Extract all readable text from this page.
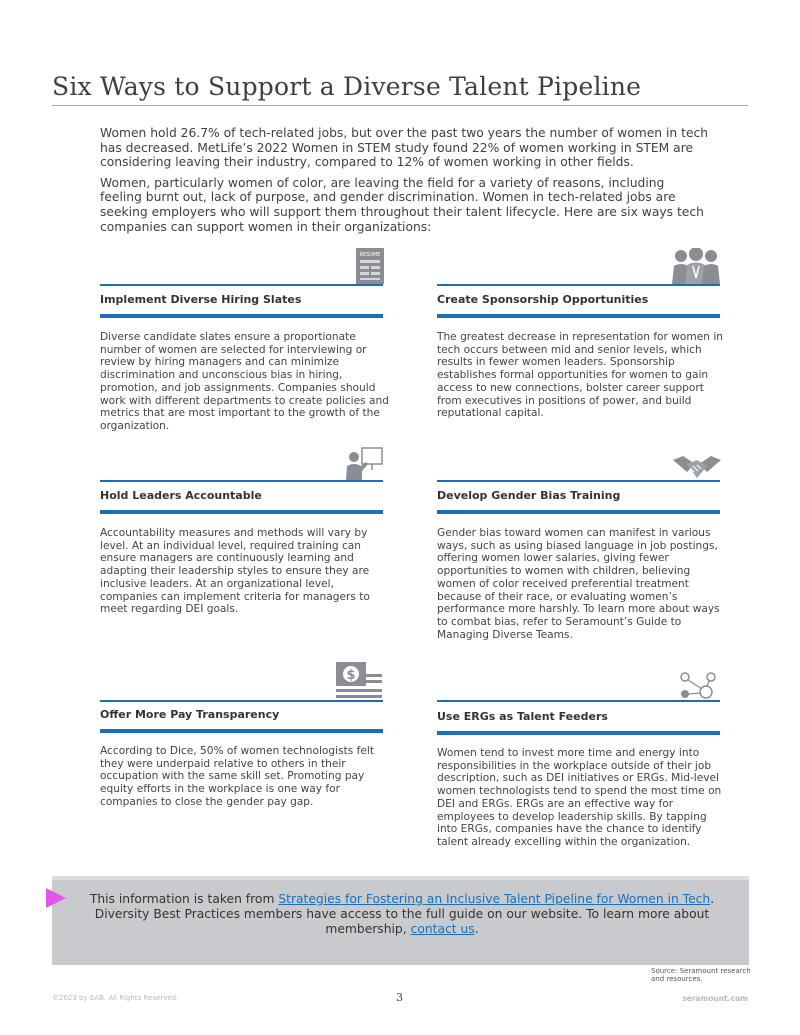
Six Ways to Support a Diverse Talent Pipeline

Women hold 26.7% of tech-related jobs, but over the past two years the number of women in tech has decreased. MetLife’s 2022 Women in STEM study found 22% of women working in STEM are considering leaving their industry, compared to 12% of women working in other fields.

Women, particularly women of color, are leaving the field for a variety of reasons, including feeling burnt out, lack of purpose, and gender discrimination. Women in tech-related jobs are seeking employers who will support them throughout their talent lifecycle. Here are six ways tech companies can support women in their organizations:

RESUME
Implement Diverse Hiring Slates
Diverse candidate slates ensure a proportionate number of women are selected for interviewing or review by hiring managers and can minimize discrimination and unconscious bias in hiring, promotion, and job assignments. Companies should work with different departments to create policies and metrics that are most important to the growth of the organization.
Create Sponsorship Opportunities
The greatest decrease in representation for women in tech occurs between mid and senior levels, which results in fewer women leaders. Sponsorship establishes formal opportunities for women to gain access to new connections, bolster career support from executives in positions of power, and build reputational capital.
Hold Leaders Accountable
Accountability measures and methods will vary by level. At an individual level, required training can ensure managers are continuously learning and adapting their leadership styles to ensure they are inclusive leaders. At an organizational level, companies can implement criteria for managers to meet regarding DEI goals.
Develop Gender Bias Training
Gender bias toward women can manifest in various ways, such as using biased language in job postings, offering women lower salaries, giving fewer opportunities to women with children, believing women of color received preferential treatment because of their race, or evaluating women’s performance more harshly. To learn more about ways to combat bias, refer to Seramount’s Guide to Managing Diverse Teams.
$
Offer More Pay Transparency
According to Dice, 50% of women technologists felt they were underpaid relative to others in their occupation with the same skill set. Promoting pay equity efforts in the workplace is one way for companies to close the gender pay gap.
Use ERGs as Talent Feeders
Women tend to invest more time and energy into responsibilities in the workplace outside of their job description, such as DEI initiatives or ERGs. Mid-level women technologists tend to spend the most time on DEI and ERGs. ERGs are an effective way for employees to develop leadership skills. By tapping into ERGs, companies have the chance to identify talent already excelling within the organization.
This information is taken from Strategies for Fostering an Inclusive Talent Pipeline for Women in Tech. Diversity Best Practices members have access to the full guide on our website. To learn more about membership, contact us.
Source: Seramount research and resources.
©2023 by EAB. All Rights Reserved.	3	seramount.com
